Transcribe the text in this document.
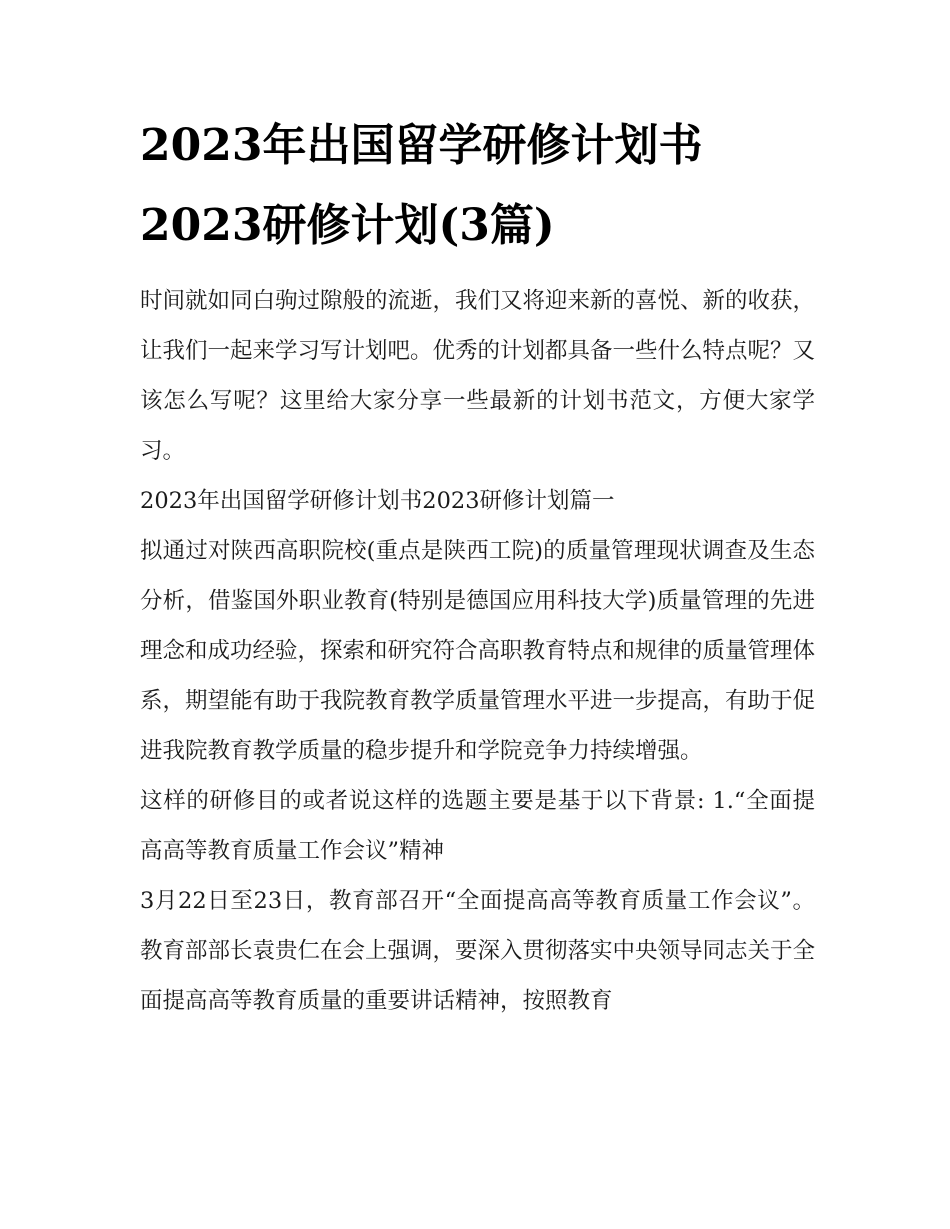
2023年出国留学研修计划书
2023研修计划(3篇)

时间就如同白驹过隙般的流逝，我们又将迎来新的喜悦、新的收获，让我们一起来学习写计划吧。优秀的计划都具备一些什么特点呢？又该怎么写呢？这里给大家分享一些最新的计划书范文，方便大家学习。

2023年出国留学研修计划书2023研修计划篇一

拟通过对陕西高职院校(重点是陕西工院)的质量管理现状调查及生态分析，借鉴国外职业教育(特别是德国应用科技大学)质量管理的先进理念和成功经验，探索和研究符合高职教育特点和规律的质量管理体系，期望能有助于我院教育教学质量管理水平进一步提高，有助于促进我院教育教学质量的稳步提升和学院竞争力持续增强。

这样的研修目的或者说这样的选题主要是基于以下背景: 1.“全面提高高等教育质量工作会议”精神

3月22日至23日，教育部召开“全面提高高等教育质量工作会议”。教育部部长袁贵仁在会上强调，要深入贯彻落实中央领导同志关于全面提高高等教育质量的重要讲话精神，按照教育
